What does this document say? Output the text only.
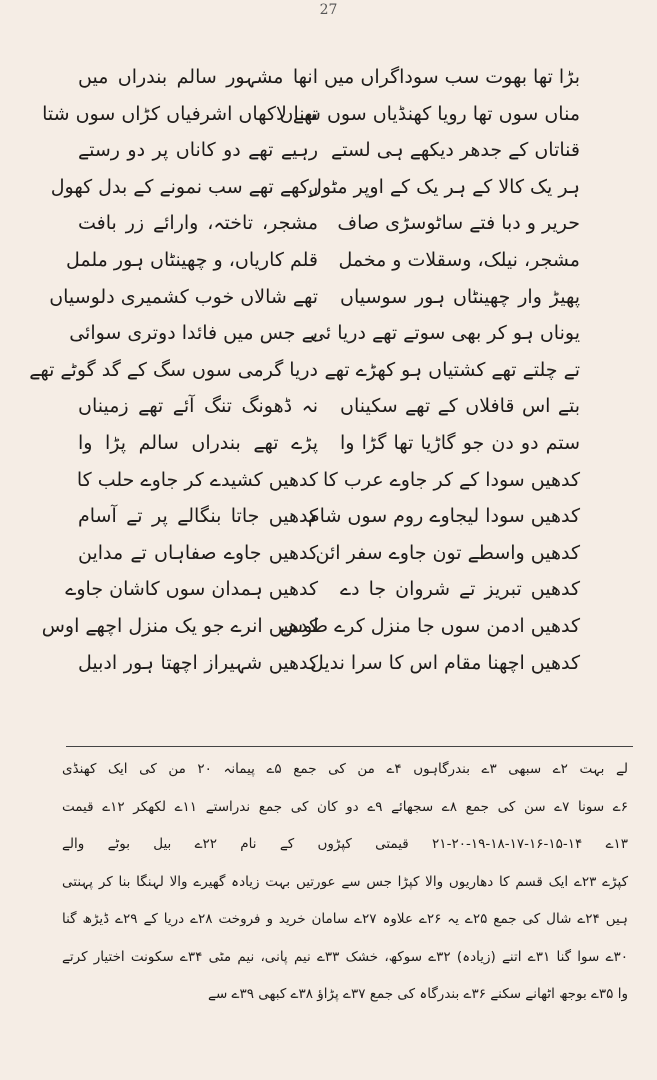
27
انھا مشہور سالم بندراں میں
تھے لاکھاں اشرفیاں کڑاں سوں شتا
رہیے تھے دو کاناں پر دو رستے
رکھے تھے سب نمونے کے بدل کھول
مشجر، تاختہ، وارائے زر بافت
قلم کاریاں، و چھینٹاں ہور ململ
تھے شالاں خوب کشمیری دلوسیاں
بے جس میں فائدا دوتری سوائی
دریا گرمی سوں سگ کے گد گوٹے تھے
نہ ڈھونگ تنگ آئے تھے زمیناں
پڑے تھے بندراں سالم پڑا وا
کدھیں کشیدے کر جاوے حلب کا
کدھیں جاتا بنگالے پر تے آسام
کدھیں جاوے صفاہاں تے مداین
کدھیں ہمدان سوں کاشان جاوے
کدھیں انرے جو یک منزل اچھے اوس
کدھیں شہیراز اچھتا ہور ادبیل
بڑا تھا بھوت سب سوداگراں میں
مناں سوں تھا رویا کھنڈیاں سوں سناں
قناتاں کے جدھر دیکھے ہی لستے
ہر یک کالا کے ہر یک کے اوپر مٹول
حریر و دبا فتے ساٹوسڑی صاف
مشجر، نیلک، وسقلات و مخمل
پھیڑ وار چھینٹاں ہور سوسیاں
یوناں ہو کر بھی سوتے تھے دریا ئی
تے چلتے تھے کشتیاں ہو کھڑے تھے
بتے اس قافلاں کے تھے سکیناں
ستم دو دن جو گاڑیا تھا گڑا وا
کدھیں سودا کے کر جاوے عرب کا
کدھیں سودا لیجاوے روم سوں شام
کدھیں واسطے تون جاوے سفر ائن
کدھیں تبریز تے شروان جا دے
کدھیں ادمن سوں جا منزل کرے طوس
کدھیں اچھنا مقام اس کا سرا ندیل
لے بہت ۲ے سبھی ۳ے بندرگاہوں ۴ے من کی جمع ۵ے پیمانہ ۲۰ من کی ایک کھنڈی
۶ے سونا ۷ے سن کی جمع ۸ے سجھائے ۹ے دو کان کی جمع ندراستے ۱۱ے لکھکر ۱۲ے قیمت
۱۳ے ۱۴-۱۵-۱۶-۱۷-۱۸-۱۹-۲۰-۲۱ قیمتی کپڑوں کے نام ۲۲ے بیل بوٹے والے
کپڑے ۲۳ے ایک قسم کا دھاریوں والا کپڑا جس سے عورتیں بہت زیادہ گھیرے والا لہنگا بنا کر پہنتی
ہیں ۲۴ے شال کی جمع ۲۵ے یہ ۲۶ے علاوہ ۲۷ے سامان خرید و فروخت ۲۸ے دریا کے ۲۹ے ڈیڑھ گنا
۳۰ے سوا گنا ۳۱ے اتنے (زیادہ) ۳۲ے سوکھ، خشک ۳۳ے نیم پانی، نیم مٹی ۳۴ے سکونت اختیار کرتے
وا ۳۵ے بوجھ اٹھانے سکنے ۳۶ے بندرگاہ کی جمع ۳۷ے پڑاؤ ۳۸ے کبھی ۳۹ے سے
